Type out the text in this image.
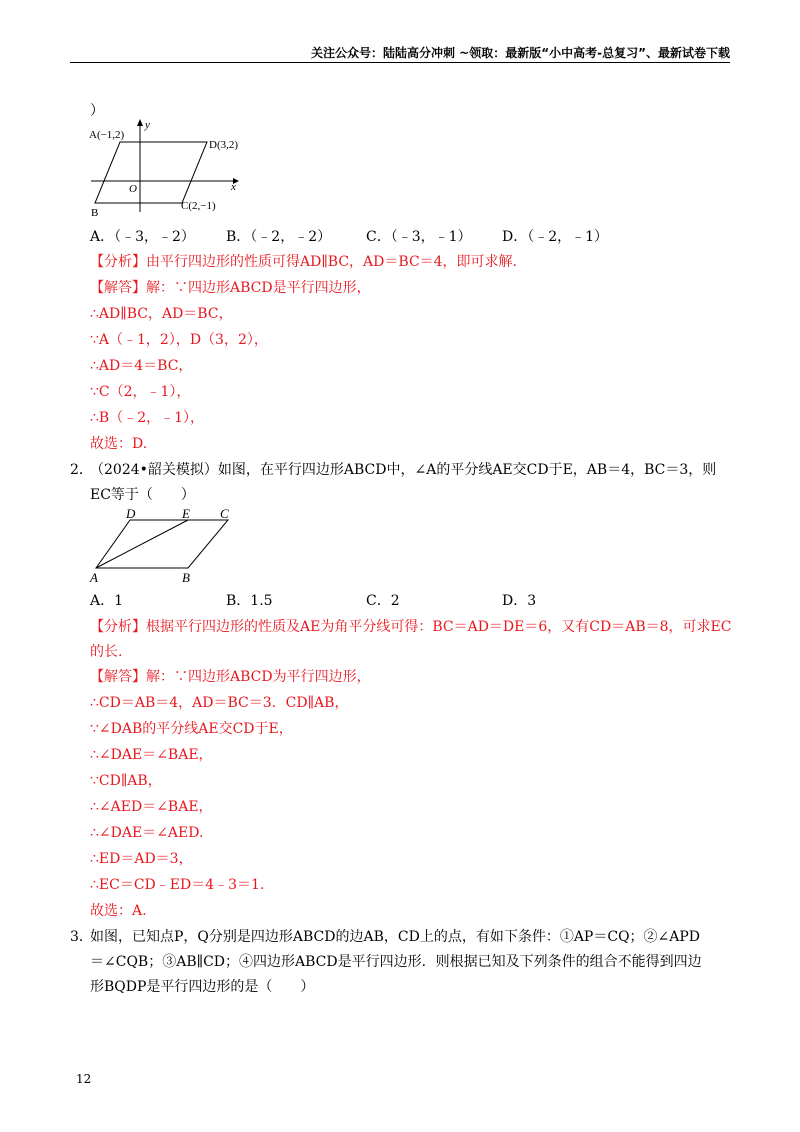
关注公众号：陆陆高分冲刺 ~领取：最新版“小中高考-总复习”、最新试卷下载
）
A(−1,2)
D(3,2)
B
C(2,−1)
O	x
y
A．（﹣3，﹣2） B．（﹣2，﹣2） C．（﹣3，﹣1） D．（﹣2，﹣1）
【分析】由平行四边形的性质可得AD∥BC，AD＝BC＝4，即可求解.
【解答】解：∵四边形ABCD是平行四边形，
∴AD∥BC，AD＝BC，
∵A（﹣1，2），D（3，2），
∴AD＝4＝BC，
∵C（2，﹣1），
∴B（﹣2，﹣1），
故选：D.
2．
（2024•韶关模拟）如图，在平行四边形ABCD中，∠A的平分线AE交CD于E，AB＝4，BC＝3，则
EC等于（　　）
D	E C
A	B
A．1	B．1.5	C．2	D．3
【分析】根据平行四边形的性质及AE为角平分线可得：BC＝AD＝DE＝6，又有CD＝AB＝8，可求EC
的长.
【解答】解：∵四边形ABCD为平行四边形，
∴CD＝AB＝4，AD＝BC＝3．CD∥AB，
∵∠DAB的平分线AE交CD于E，
∴∠DAE＝∠BAE，
∵CD∥AB，
∴∠AED＝∠BAE，
∴∠DAE＝∠AED.
∴ED＝AD＝3，
∴EC＝CD﹣ED＝4﹣3＝1.
故选：A.
3．
如图，已知点P，Q分别是四边形ABCD的边AB，CD上的点，有如下条件：①AP＝CQ；②∠APD
＝∠CQB；③AB∥CD；④四边形ABCD是平行四边形．则根据已知及下列条件的组合不能得到四边
形BQDP是平行四边形的是（　　）
12
